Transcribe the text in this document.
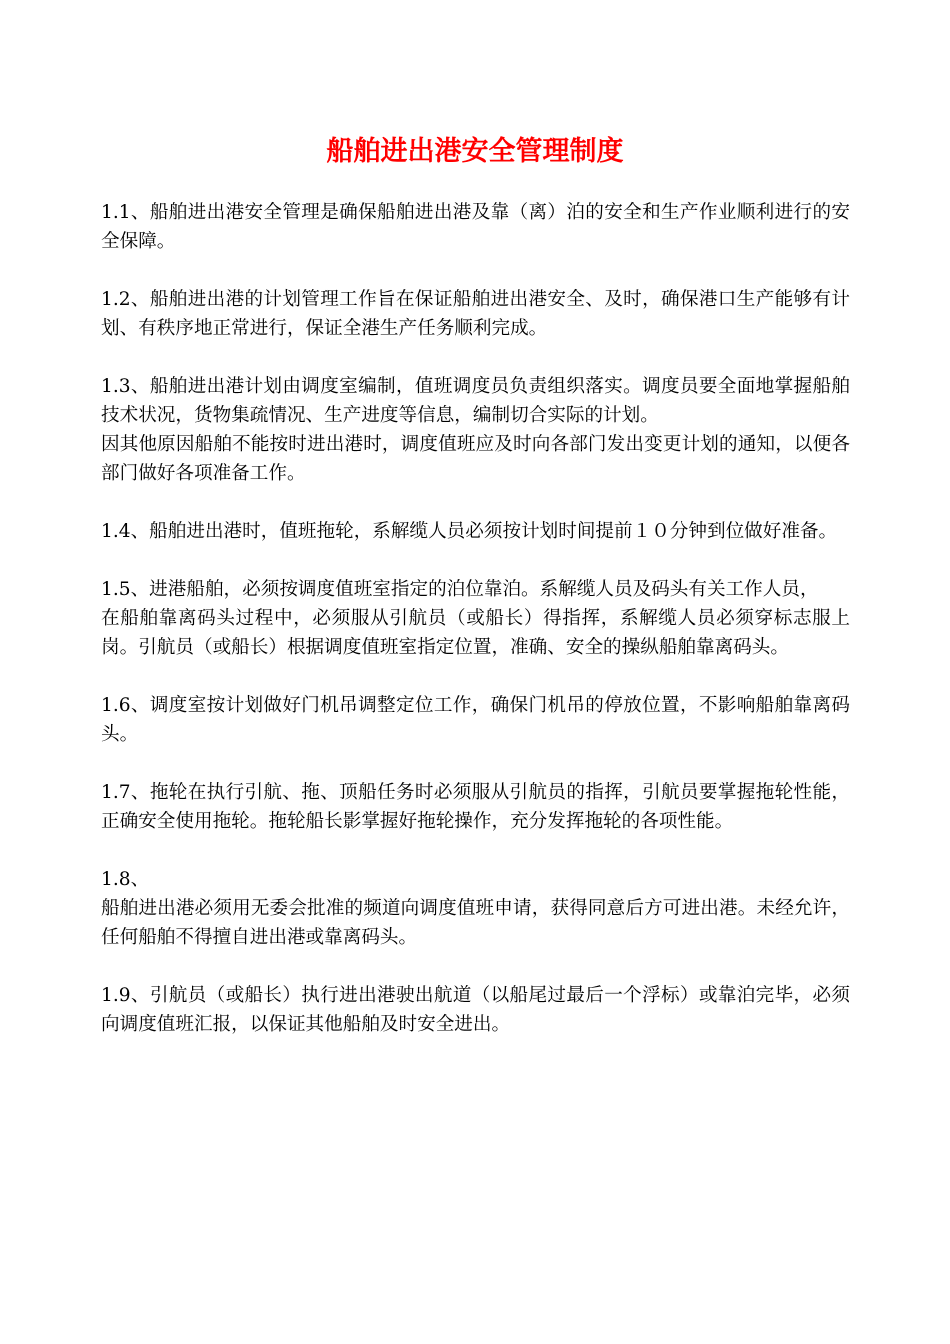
船舶进出港安全管理制度

1.1、船舶进出港安全管理是确保船舶进出港及靠（离）泊的安全和生产作业顺利进行的安全保障。

1.2、船舶进出港的计划管理工作旨在保证船舶进出港安全、及时，确保港口生产能够有计划、有秩序地正常进行，保证全港生产任务顺利完成。

1.3、船舶进出港计划由调度室编制，值班调度员负责组织落实。调度员要全面地掌握船舶技术状况，货物集疏情况、生产进度等信息，编制切合实际的计划。

因其他原因船舶不能按时进出港时，调度值班应及时向各部门发出变更计划的通知，以便各部门做好各项准备工作。

1.4、船舶进出港时，值班拖轮，系解缆人员必须按计划时间提前１０分钟到位做好准备。

1.5、进港船舶，必须按调度值班室指定的泊位靠泊。系解缆人员及码头有关工作人员，

在船舶靠离码头过程中，必须服从引航员（或船长）得指挥，系解缆人员必须穿标志服上岗。引航员（或船长）根据调度值班室指定位置，准确、安全的操纵船舶靠离码头。

1.6、调度室按计划做好门机吊调整定位工作，确保门机吊的停放位置，不影响船舶靠离码头。

1.7、拖轮在执行引航、拖、顶船任务时必须服从引航员的指挥，引航员要掌握拖轮性能，正确安全使用拖轮。拖轮船长影掌握好拖轮操作，充分发挥拖轮的各项性能。

1.8、

船舶进出港必须用无委会批准的频道向调度值班申请，获得同意后方可进出港。未经允许，任何船舶不得擅自进出港或靠离码头。

1.9、引航员（或船长）执行进出港驶出航道（以船尾过最后一个浮标）或靠泊完毕，必须向调度值班汇报，以保证其他船舶及时安全进出。
